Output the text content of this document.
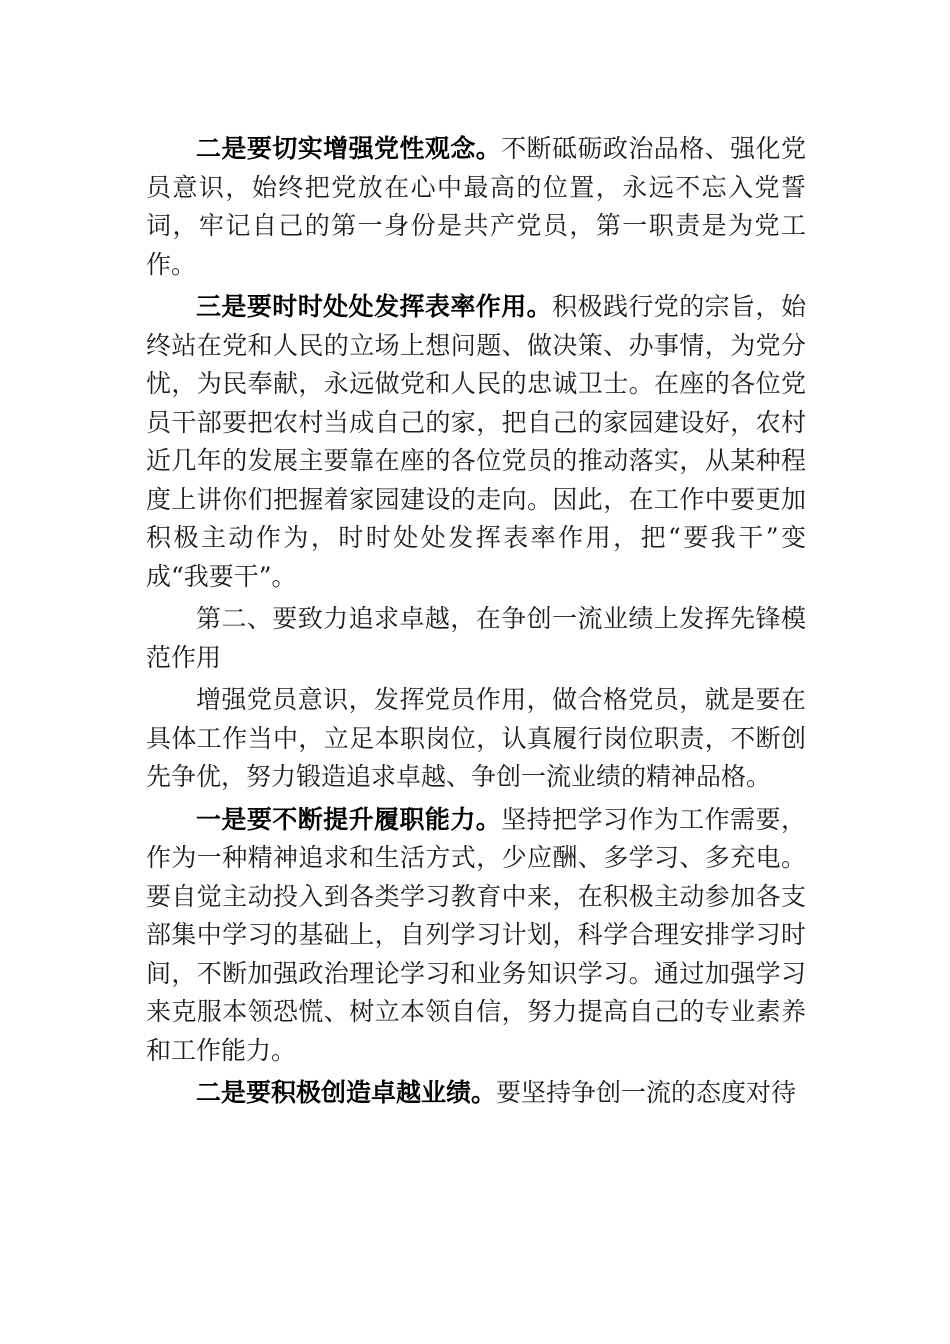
二是要切实增强党性观念。不断砥砺政治品格、强化党员意识，始终把党放在心中最高的位置，永远不忘入党誓词，牢记自己的第一身份是共产党员，第一职责是为党工作。

三是要时时处处发挥表率作用。积极践行党的宗旨，始终站在党和人民的立场上想问题、做决策、办事情，为党分忧，为民奉献，永远做党和人民的忠诚卫士。在座的各位党员干部要把农村当成自己的家，把自己的家园建设好，农村近几年的发展主要靠在座的各位党员的推动落实，从某种程度上讲你们把握着家园建设的走向。因此，在工作中要更加积极主动作为，时时处处发挥表率作用，把“要我干”变成“我要干”。

第二、要致力追求卓越，在争创一流业绩上发挥先锋模范作用

增强党员意识，发挥党员作用，做合格党员，就是要在具体工作当中，立足本职岗位，认真履行岗位职责，不断创先争优，努力锻造追求卓越、争创一流业绩的精神品格。

一是要不断提升履职能力。坚持把学习作为工作需要，作为一种精神追求和生活方式，少应酬、多学习、多充电。要自觉主动投入到各类学习教育中来，在积极主动参加各支部集中学习的基础上，自列学习计划，科学合理安排学习时间，不断加强政治理论学习和业务知识学习。通过加强学习来克服本领恐慌、树立本领自信，努力提高自己的专业素养和工作能力。

二是要积极创造卓越业绩。要坚持争创一流的态度对待
